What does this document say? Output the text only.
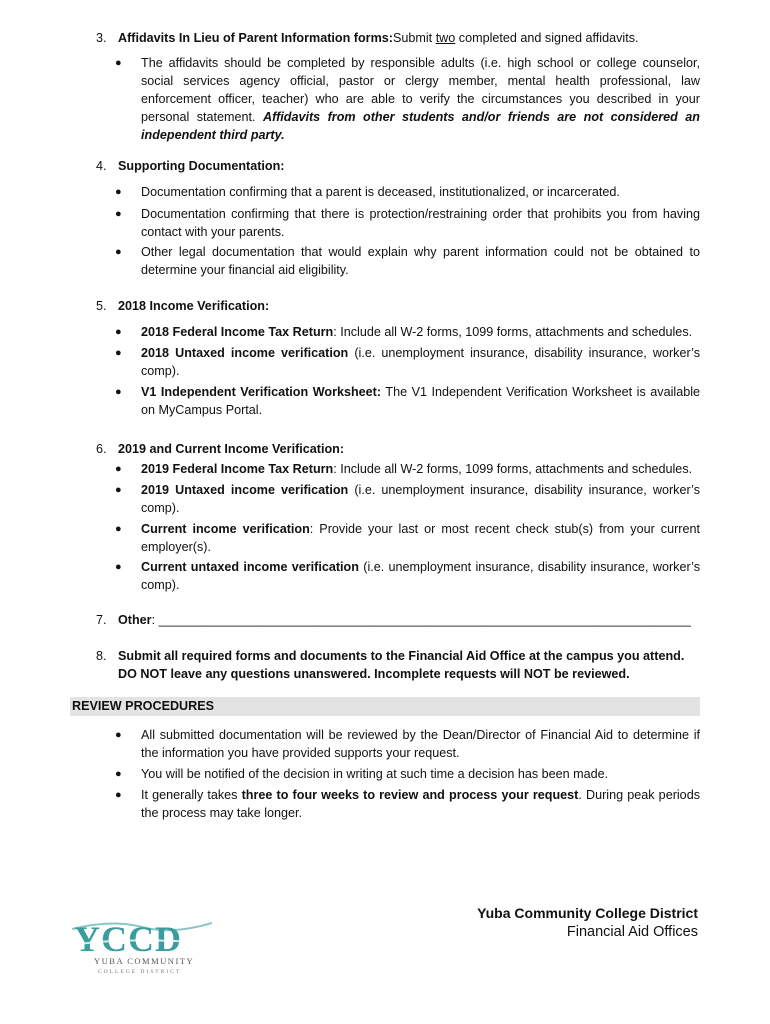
3. Affidavits In Lieu of Parent Information forms:Submit two completed and signed affidavits.
● The affidavits should be completed by responsible adults (i.e. high school or college counselor, social services agency official, pastor or clergy member, mental health professional, law enforcement officer, teacher) who are able to verify the circumstances you described in your personal statement. Affidavits from other students and/or friends are not considered an independent third party.
4. Supporting Documentation:
● Documentation confirming that a parent is deceased, institutionalized, or incarcerated.
● Documentation confirming that there is protection/restraining order that prohibits you from having contact with your parents.
● Other legal documentation that would explain why parent information could not be obtained to determine your financial aid eligibility.
5. 2018 Income Verification:
● 2018 Federal Income Tax Return: Include all W-2 forms, 1099 forms, attachments and schedules.
● 2018 Untaxed income verification (i.e. unemployment insurance, disability insurance, worker’s comp).
● V1 Independent Verification Worksheet: The V1 Independent Verification Worksheet is available on MyCampus Portal.
6. 2019 and Current Income Verification:
● 2019 Federal Income Tax Return: Include all W-2 forms, 1099 forms, attachments and schedules.
● 2019 Untaxed income verification (i.e. unemployment insurance, disability insurance, worker’s comp).
● Current income verification: Provide your last or most recent check stub(s) from your current employer(s).
● Current untaxed income verification (i.e. unemployment insurance, disability insurance, worker’s comp).
7. Other: ____________________________________________________________________________
8. Submit all required forms and documents to the Financial Aid Office at the campus you attend. DO NOT leave any questions unanswered. Incomplete requests will NOT be reviewed.
REVIEW PROCEDURES
● All submitted documentation will be reviewed by the Dean/Director of Financial Aid to determine if the information you have provided supports your request.
● You will be notified of the decision in writing at such time a decision has been made.
● It generally takes three to four weeks to review and process your request. During peak periods the process may take longer.
Yuba Community College District
Financial Aid Offices
YCCD
YUBA COMMUNITY
COLLEGE DISTRICT
